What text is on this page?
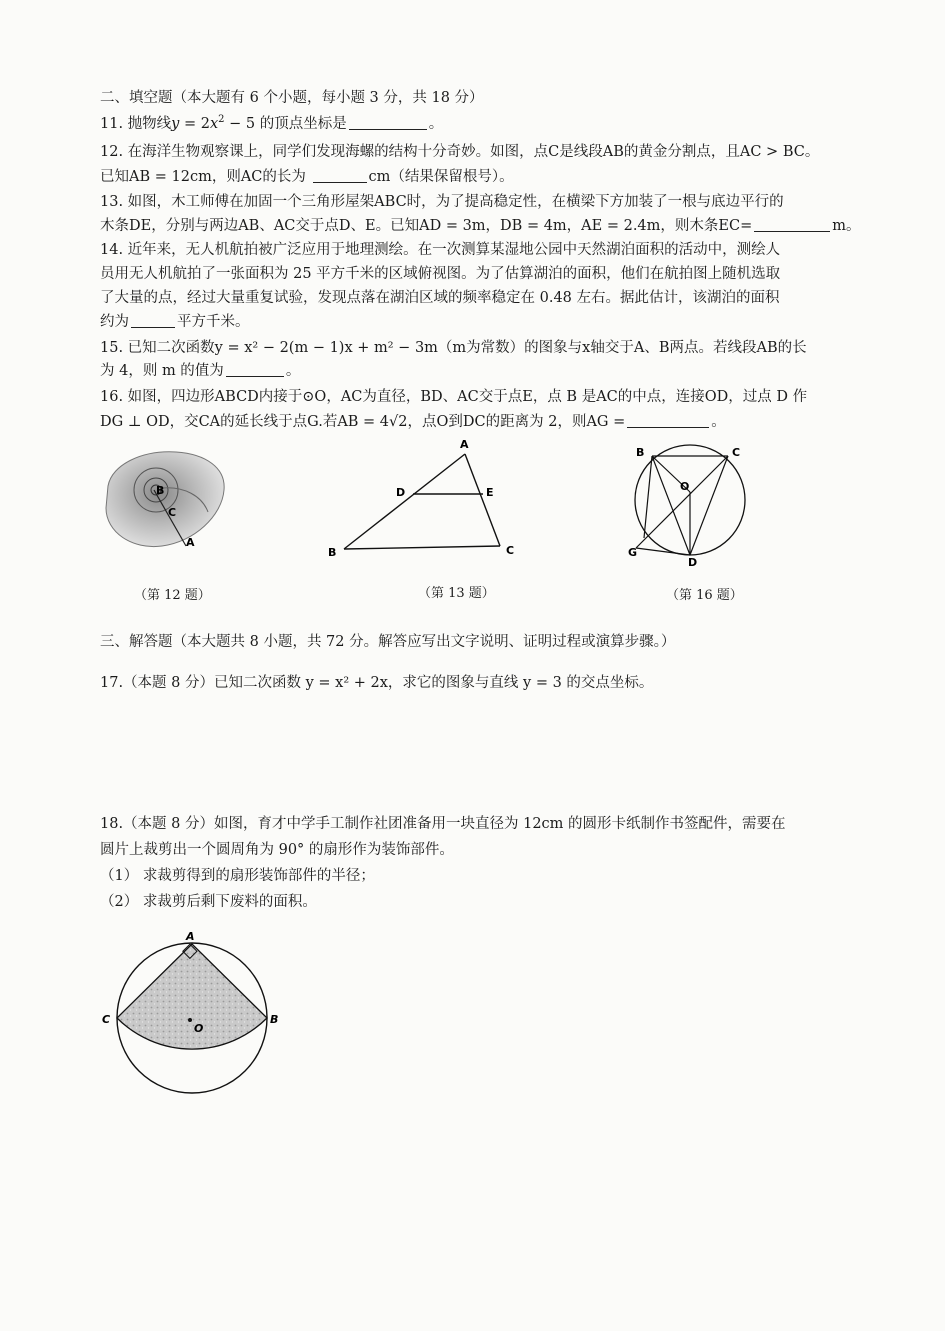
二、填空题（本大题有 6 个小题，每小题 3 分，共 18 分）
11. 抛物线$y = 2x^2 - 5$ 的顶点坐标是	。
12. 在海洋生物观察课上，同学们发现海螺的结构十分奇妙。如图，点C是线段AB的黄金分割点，且AC > BC。
已知AB = 12cm，则AC的长为	cm（结果保留根号）。
13. 如图，木工师傅在加固一个三角形屋架ABC时，为了提高稳定性，在横梁下方加装了一根与底边平行的
木条DE，分别与两边AB、AC交于点D、E。已知AD = 3m，DB = 4m，AE = 2.4m，则木条EC=	m。
14. 近年来，无人机航拍被广泛应用于地理测绘。在一次测算某湿地公园中天然湖泊面积的活动中，测绘人
员用无人机航拍了一张面积为 25 平方千米的区域俯视图。为了估算湖泊的面积，他们在航拍图上随机选取
了大量的点，经过大量重复试验，发现点落在湖泊区域的频率稳定在 0.48 左右。据此估计，该湖泊的面积
约为	平方千米。
15. 已知二次函数y = x² − 2(m − 1)x + m² − 3m（m为常数）的图象与x轴交于A、B两点。若线段AB的长
为 4，则 m 的值为	。
16. 如图，四边形ABCD内接于⊙O，AC为直径，BD、AC交于点E，点 B 是AC的中点，连接OD，过点 D 作
DG ⊥ OD，交CA的延长线于点G.若AB = 4√2，点O到DC的距离为 2，则AG =	。
B
C
A
A
D	E
B	C
B	C
O
G
D
（第 12 题）	（第 13 题）	（第 16 题）
三、解答题（本大题共 8 小题，共 72 分。解答应写出文字说明、证明过程或演算步骤。）
17.（本题 8 分）已知二次函数 y = x² + 2x，求它的图象与直线 y = 3 的交点坐标。
18.（本题 8 分）如图，育才中学手工制作社团准备用一块直径为 12cm 的圆形卡纸制作书签配件，需要在
圆片上裁剪出一个圆周角为 90° 的扇形作为装饰部件。
（1） 求裁剪得到的扇形装饰部件的半径；
（2） 求裁剪后剩下废料的面积。
A
C	B
O
